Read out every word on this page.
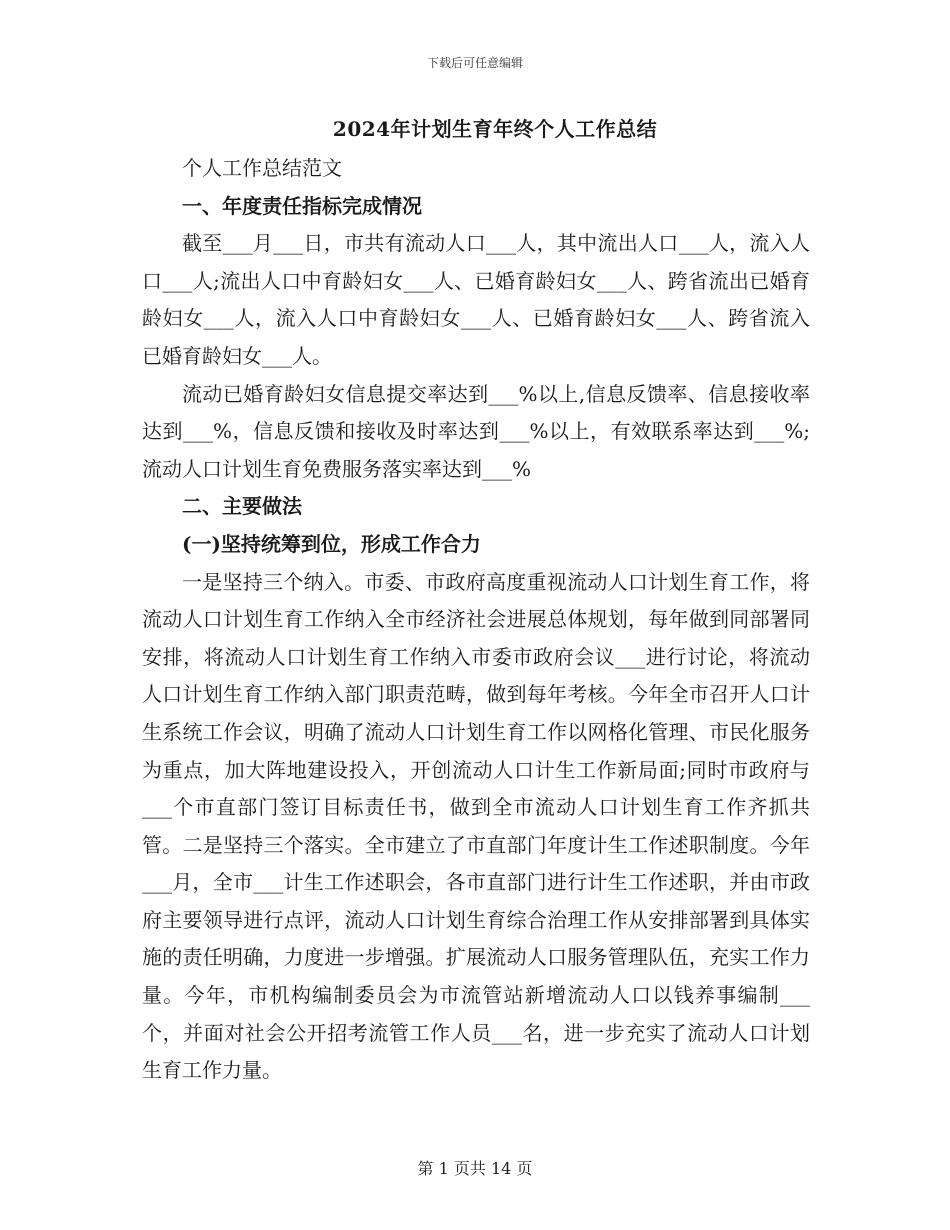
下载后可任意编辑
2024年计划生育年终个人工作总结

个人工作总结范文

一、年度责任指标完成情况

截至___月___日，市共有流动人口___人，其中流出人口___人，流入人口___人;流出人口中育龄妇女___人、已婚育龄妇女___人、跨省流出已婚育龄妇女___人，流入人口中育龄妇女___人、已婚育龄妇女___人、跨省流入已婚育龄妇女___人。

流动已婚育龄妇女信息提交率达到___%以上,信息反馈率、信息接收率达到___%，信息反馈和接收及时率达到___%以上，有效联系率达到___%;流动人口计划生育免费服务落实率达到___%

二、主要做法

(一)坚持统筹到位，形成工作合力

一是坚持三个纳入。市委、市政府高度重视流动人口计划生育工作，将流动人口计划生育工作纳入全市经济社会进展总体规划，每年做到同部署同安排，将流动人口计划生育工作纳入市委市政府会议___进行讨论，将流动人口计划生育工作纳入部门职责范畴，做到每年考核。今年全市召开人口计生系统工作会议，明确了流动人口计划生育工作以网格化管理、市民化服务为重点，加大阵地建设投入，开创流动人口计生工作新局面;同时市政府与___个市直部门签订目标责任书，做到全市流动人口计划生育工作齐抓共管。二是坚持三个落实。全市建立了市直部门年度计生工作述职制度。今年___月，全市___计生工作述职会，各市直部门进行计生工作述职，并由市政府主要领导进行点评，流动人口计划生育综合治理工作从安排部署到具体实施的责任明确，力度进一步增强。扩展流动人口服务管理队伍，充实工作力量。今年，市机构编制委员会为市流管站新增流动人口以钱养事编制___个，并面对社会公开招考流管工作人员___名，进一步充实了流动人口计划生育工作力量。

第 1 页共 14 页
